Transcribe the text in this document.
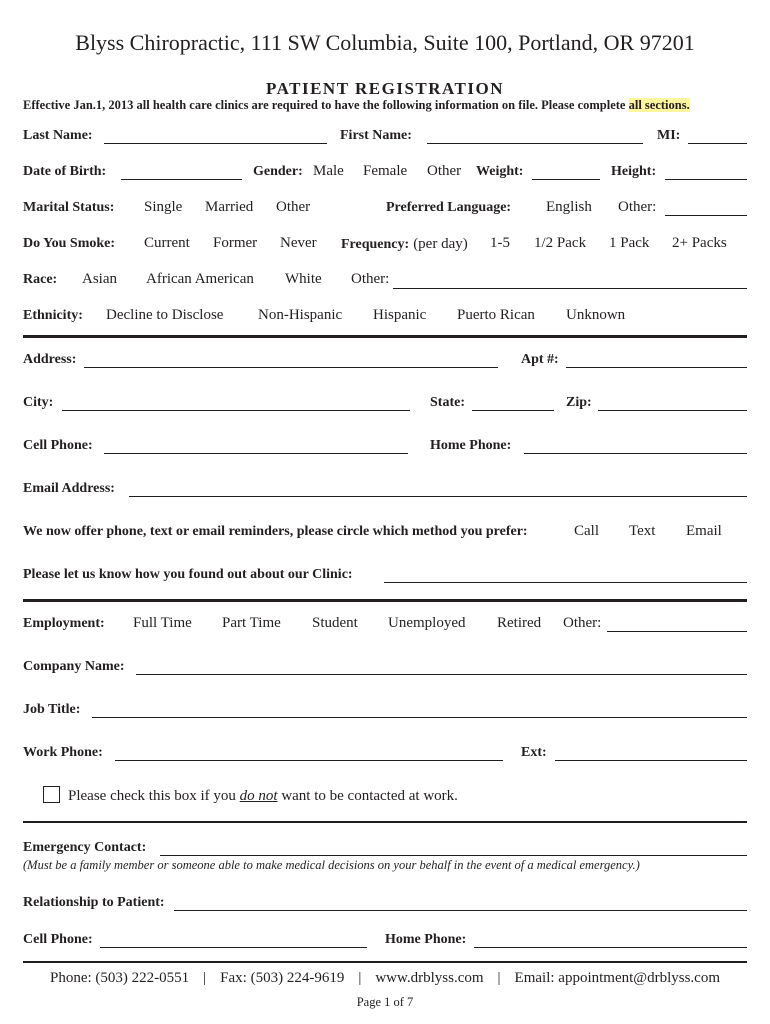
Blyss Chiropractic, 111 SW Columbia, Suite 100, Portland, OR 97201
PATIENT REGISTRATION
Effective Jan.1, 2013 all health care clinics are required to have the following information on file. Please complete all sections.
Last Name:	First Name:	MI:
Date of Birth:	Gender: Male Female Other Weight:	Height:
Marital Status: Single Married Other	Preferred Language: English Other:
Do You Smoke: Current Former Never Frequency: (per day) 1-5 1/2 Pack 1 Pack 2+ Packs
Race: Asian African American White Other:
Ethnicity: Decline to Disclose Non-Hispanic Hispanic Puerto Rican Unknown
Address:	Apt #:
City:	State:	Zip:
Cell Phone:	Home Phone:
Email Address:
We now offer phone, text or email reminders, please circle which method you prefer:	Call Text Email
Please let us know how you found out about our Clinic:
Employment: Full Time Part Time Student Unemployed Retired Other:
Company Name:
Job Title:
Work Phone:	Ext:
Please check this box if you do not want to be contacted at work.
Emergency Contact:
(Must be a family member or someone able to make medical decisions on your behalf in the event of a medical emergency.)
Relationship to Patient:
Cell Phone:	Home Phone:
Phone: (503) 222-0551 | Fax: (503) 224-9619 | www.drblyss.com | Email: appointment@drblyss.com
Page 1 of 7
